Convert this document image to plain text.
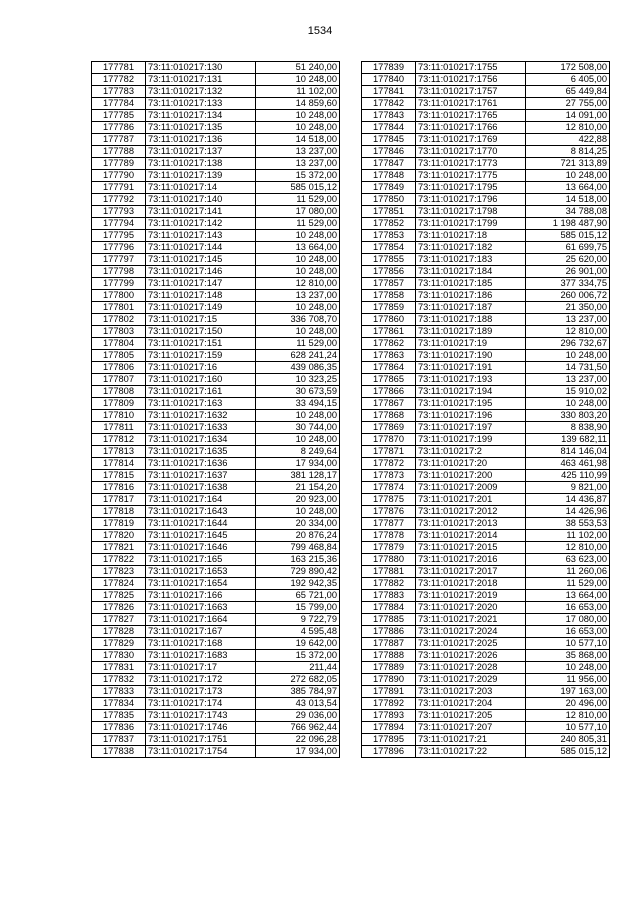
1534
177781	73:11:010217:130	51 240,00
177782	73:11:010217:131	10 248,00
177783	73:11:010217:132	11 102,00
177784	73:11:010217:133	14 859,60
177785	73:11:010217:134	10 248,00
177786	73:11:010217:135	10 248,00
177787	73:11:010217:136	14 518,00
177788	73:11:010217:137	13 237,00
177789	73:11:010217:138	13 237,00
177790	73:11:010217:139	15 372,00
177791	73:11:010217:14	585 015,12
177792	73:11:010217:140	11 529,00
177793	73:11:010217:141	17 080,00
177794	73:11:010217:142	11 529,00
177795	73:11:010217:143	10 248,00
177796	73:11:010217:144	13 664,00
177797	73:11:010217:145	10 248,00
177798	73:11:010217:146	10 248,00
177799	73:11:010217:147	12 810,00
177800	73:11:010217:148	13 237,00
177801	73:11:010217:149	10 248,00
177802	73:11:010217:15	336 708,70
177803	73:11:010217:150	10 248,00
177804	73:11:010217:151	11 529,00
177805	73:11:010217:159	628 241,24
177806	73:11:010217:16	439 086,35
177807	73:11:010217:160	10 323,25
177808	73:11:010217:161	30 673,59
177809	73:11:010217:163	33 494,15
177810	73:11:010217:1632	10 248,00
177811	73:11:010217:1633	30 744,00
177812	73:11:010217:1634	10 248,00
177813	73:11:010217:1635	8 249,64
177814	73:11:010217:1636	17 934,00
177815	73:11:010217:1637	381 128,17
177816	73:11:010217:1638	21 154,20
177817	73:11:010217:164	20 923,00
177818	73:11:010217:1643	10 248,00
177819	73:11:010217:1644	20 334,00
177820	73:11:010217:1645	20 876,24
177821	73:11:010217:1646	799 468,84
177822	73:11:010217:165	163 215,36
177823	73:11:010217:1653	729 890,42
177824	73:11:010217:1654	192 942,35
177825	73:11:010217:166	65 721,00
177826	73:11:010217:1663	15 799,00
177827	73:11:010217:1664	9 722,79
177828	73:11:010217:167	4 595,48
177829	73:11:010217:168	19 642,00
177830	73:11:010217:1683	15 372,00
177831	73:11:010217:17	211,44
177832	73:11:010217:172	272 682,05
177833	73:11:010217:173	385 784,97
177834	73:11:010217:174	43 013,54
177835	73:11:010217:1743	29 036,00
177836	73:11:010217:1746	766 962,44
177837	73:11:010217:1751	22 096,28
177838	73:11:010217:1754	17 934,00
177839	73:11:010217:1755	172 508,00
177840	73:11:010217:1756	6 405,00
177841	73:11:010217:1757	65 449,84
177842	73:11:010217:1761	27 755,00
177843	73:11:010217:1765	14 091,00
177844	73:11:010217:1766	12 810,00
177845	73:11:010217:1769	422,88
177846	73:11:010217:1770	8 814,25
177847	73:11:010217:1773	721 313,89
177848	73:11:010217:1775	10 248,00
177849	73:11:010217:1795	13 664,00
177850	73:11:010217:1796	14 518,00
177851	73:11:010217:1798	34 788,08
177852	73:11:010217:1799	1 198 487,90
177853	73:11:010217:18	585 015,12
177854	73:11:010217:182	61 699,75
177855	73:11:010217:183	25 620,00
177856	73:11:010217:184	26 901,00
177857	73:11:010217:185	377 334,75
177858	73:11:010217:186	260 006,72
177859	73:11:010217:187	21 350,00
177860	73:11:010217:188	13 237,00
177861	73:11:010217:189	12 810,00
177862	73:11:010217:19	296 732,67
177863	73:11:010217:190	10 248,00
177864	73:11:010217:191	14 731,50
177865	73:11:010217:193	13 237,00
177866	73:11:010217:194	15 910,02
177867	73:11:010217:195	10 248,00
177868	73:11:010217:196	330 803,20
177869	73:11:010217:197	8 838,90
177870	73:11:010217:199	139 682,11
177871	73:11:010217:2	814 146,04
177872	73:11:010217:20	463 461,98
177873	73:11:010217:200	425 110,99
177874	73:11:010217:2009	9 821,00
177875	73:11:010217:201	14 436,87
177876	73:11:010217:2012	14 426,96
177877	73:11:010217:2013	38 553,53
177878	73:11:010217:2014	11 102,00
177879	73:11:010217:2015	12 810,00
177880	73:11:010217:2016	63 623,00
177881	73:11:010217:2017	11 260,06
177882	73:11:010217:2018	11 529,00
177883	73:11:010217:2019	13 664,00
177884	73:11:010217:2020	16 653,00
177885	73:11:010217:2021	17 080,00
177886	73:11:010217:2024	16 653,00
177887	73:11:010217:2025	10 577,10
177888	73:11:010217:2026	35 868,00
177889	73:11:010217:2028	10 248,00
177890	73:11:010217:2029	11 956,00
177891	73:11:010217:203	197 163,00
177892	73:11:010217:204	20 496,00
177893	73:11:010217:205	12 810,00
177894	73:11:010217:207	10 577,10
177895	73:11:010217:21	240 805,31
177896	73:11:010217:22	585 015,12
